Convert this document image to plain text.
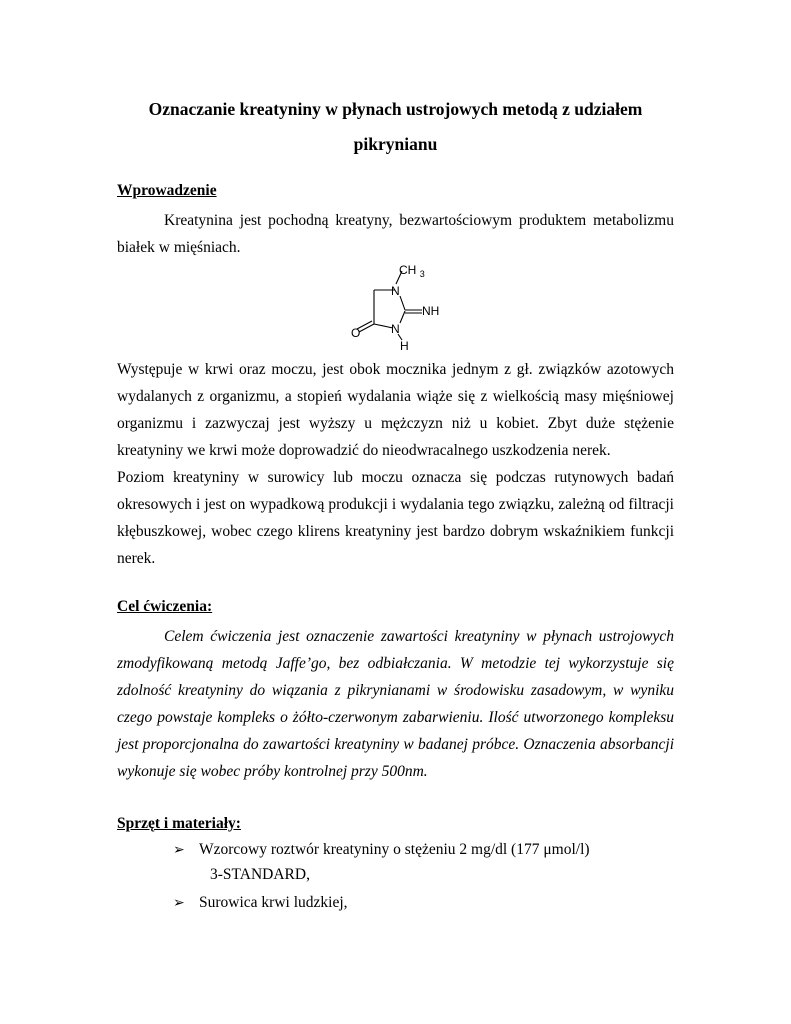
Oznaczanie kreatyniny w płynach ustrojowych metodą z udziałem pikrynianu
Wprowadzenie

Kreatynina jest pochodną kreatyny, bezwartościowym produktem metabolizmu białek w mięśniach.

CH $_3$
N
NH
N
H
O

Występuje w krwi oraz moczu, jest obok mocznika jednym z gł. związków azotowych wydalanych z organizmu, a stopień wydalania wiąże się z wielkością masy mięśniowej organizmu i zazwyczaj jest wyższy u mężczyzn niż u kobiet. Zbyt duże stężenie kreatyniny we krwi może doprowadzić do nieodwracalnego uszkodzenia nerek.

Poziom kreatyniny w surowicy lub moczu oznacza się podczas rutynowych badań okresowych i jest on wypadkową produkcji i wydalania tego związku, zależną od filtracji kłębuszkowej, wobec czego klirens kreatyniny jest bardzo dobrym wskaźnikiem funkcji nerek.

Cel ćwiczenia:

Celem ćwiczenia jest oznaczenie zawartości kreatyniny w płynach ustrojowych zmodyfikowaną metodą Jaffe’go, bez odbiałczania. W metodzie tej wykorzystuje się zdolność kreatyniny do wiązania z pikrynianami w środowisku zasadowym, w wyniku czego powstaje kompleks o żółto-czerwonym zabarwieniu. Ilość utworzonego kompleksu jest proporcjonalna do zawartości kreatyniny w badanej próbce. Oznaczenia absorbancji wykonuje się wobec próby kontrolnej przy 500nm.

Sprzęt i materiały:
➢ Wzorcowy roztwór kreatyniny o stężeniu 2 mg/dl (177 μmol/l)

3-STANDARD,

➢ Surowica krwi ludzkiej,
